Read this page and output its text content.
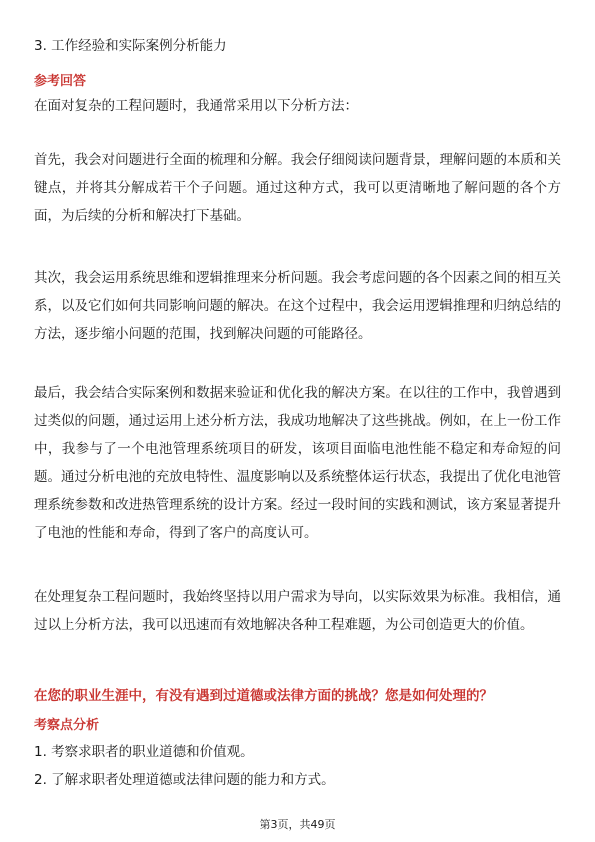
3. 工作经验和实际案例分析能力
参考回答
在面对复杂的工程问题时，我通常采用以下分析方法：
首先，我会对问题进行全面的梳理和分解。我会仔细阅读问题背景，理解问题的本质和关键点，并将其分解成若干个子问题。通过这种方式，我可以更清晰地了解问题的各个方面，为后续的分析和解决打下基础。
其次，我会运用系统思维和逻辑推理来分析问题。我会考虑问题的各个因素之间的相互关系，以及它们如何共同影响问题的解决。在这个过程中，我会运用逻辑推理和归纳总结的方法，逐步缩小问题的范围，找到解决问题的可能路径。
最后，我会结合实际案例和数据来验证和优化我的解决方案。在以往的工作中，我曾遇到过类似的问题，通过运用上述分析方法，我成功地解决了这些挑战。例如，在上一份工作中，我参与了一个电池管理系统项目的研发，该项目面临电池性能不稳定和寿命短的问题。通过分析电池的充放电特性、温度影响以及系统整体运行状态，我提出了优化电池管理系统参数和改进热管理系统的设计方案。经过一段时间的实践和测试，该方案显著提升了电池的性能和寿命，得到了客户的高度认可。
在处理复杂工程问题时，我始终坚持以用户需求为导向，以实际效果为标准。我相信，通过以上分析方法，我可以迅速而有效地解决各种工程难题，为公司创造更大的价值。
在您的职业生涯中，有没有遇到过道德或法律方面的挑战？您是如何处理的？
考察点分析
1. 考察求职者的职业道德和价值观。
2. 了解求职者处理道德或法律问题的能力和方式。
第3页，共49页
